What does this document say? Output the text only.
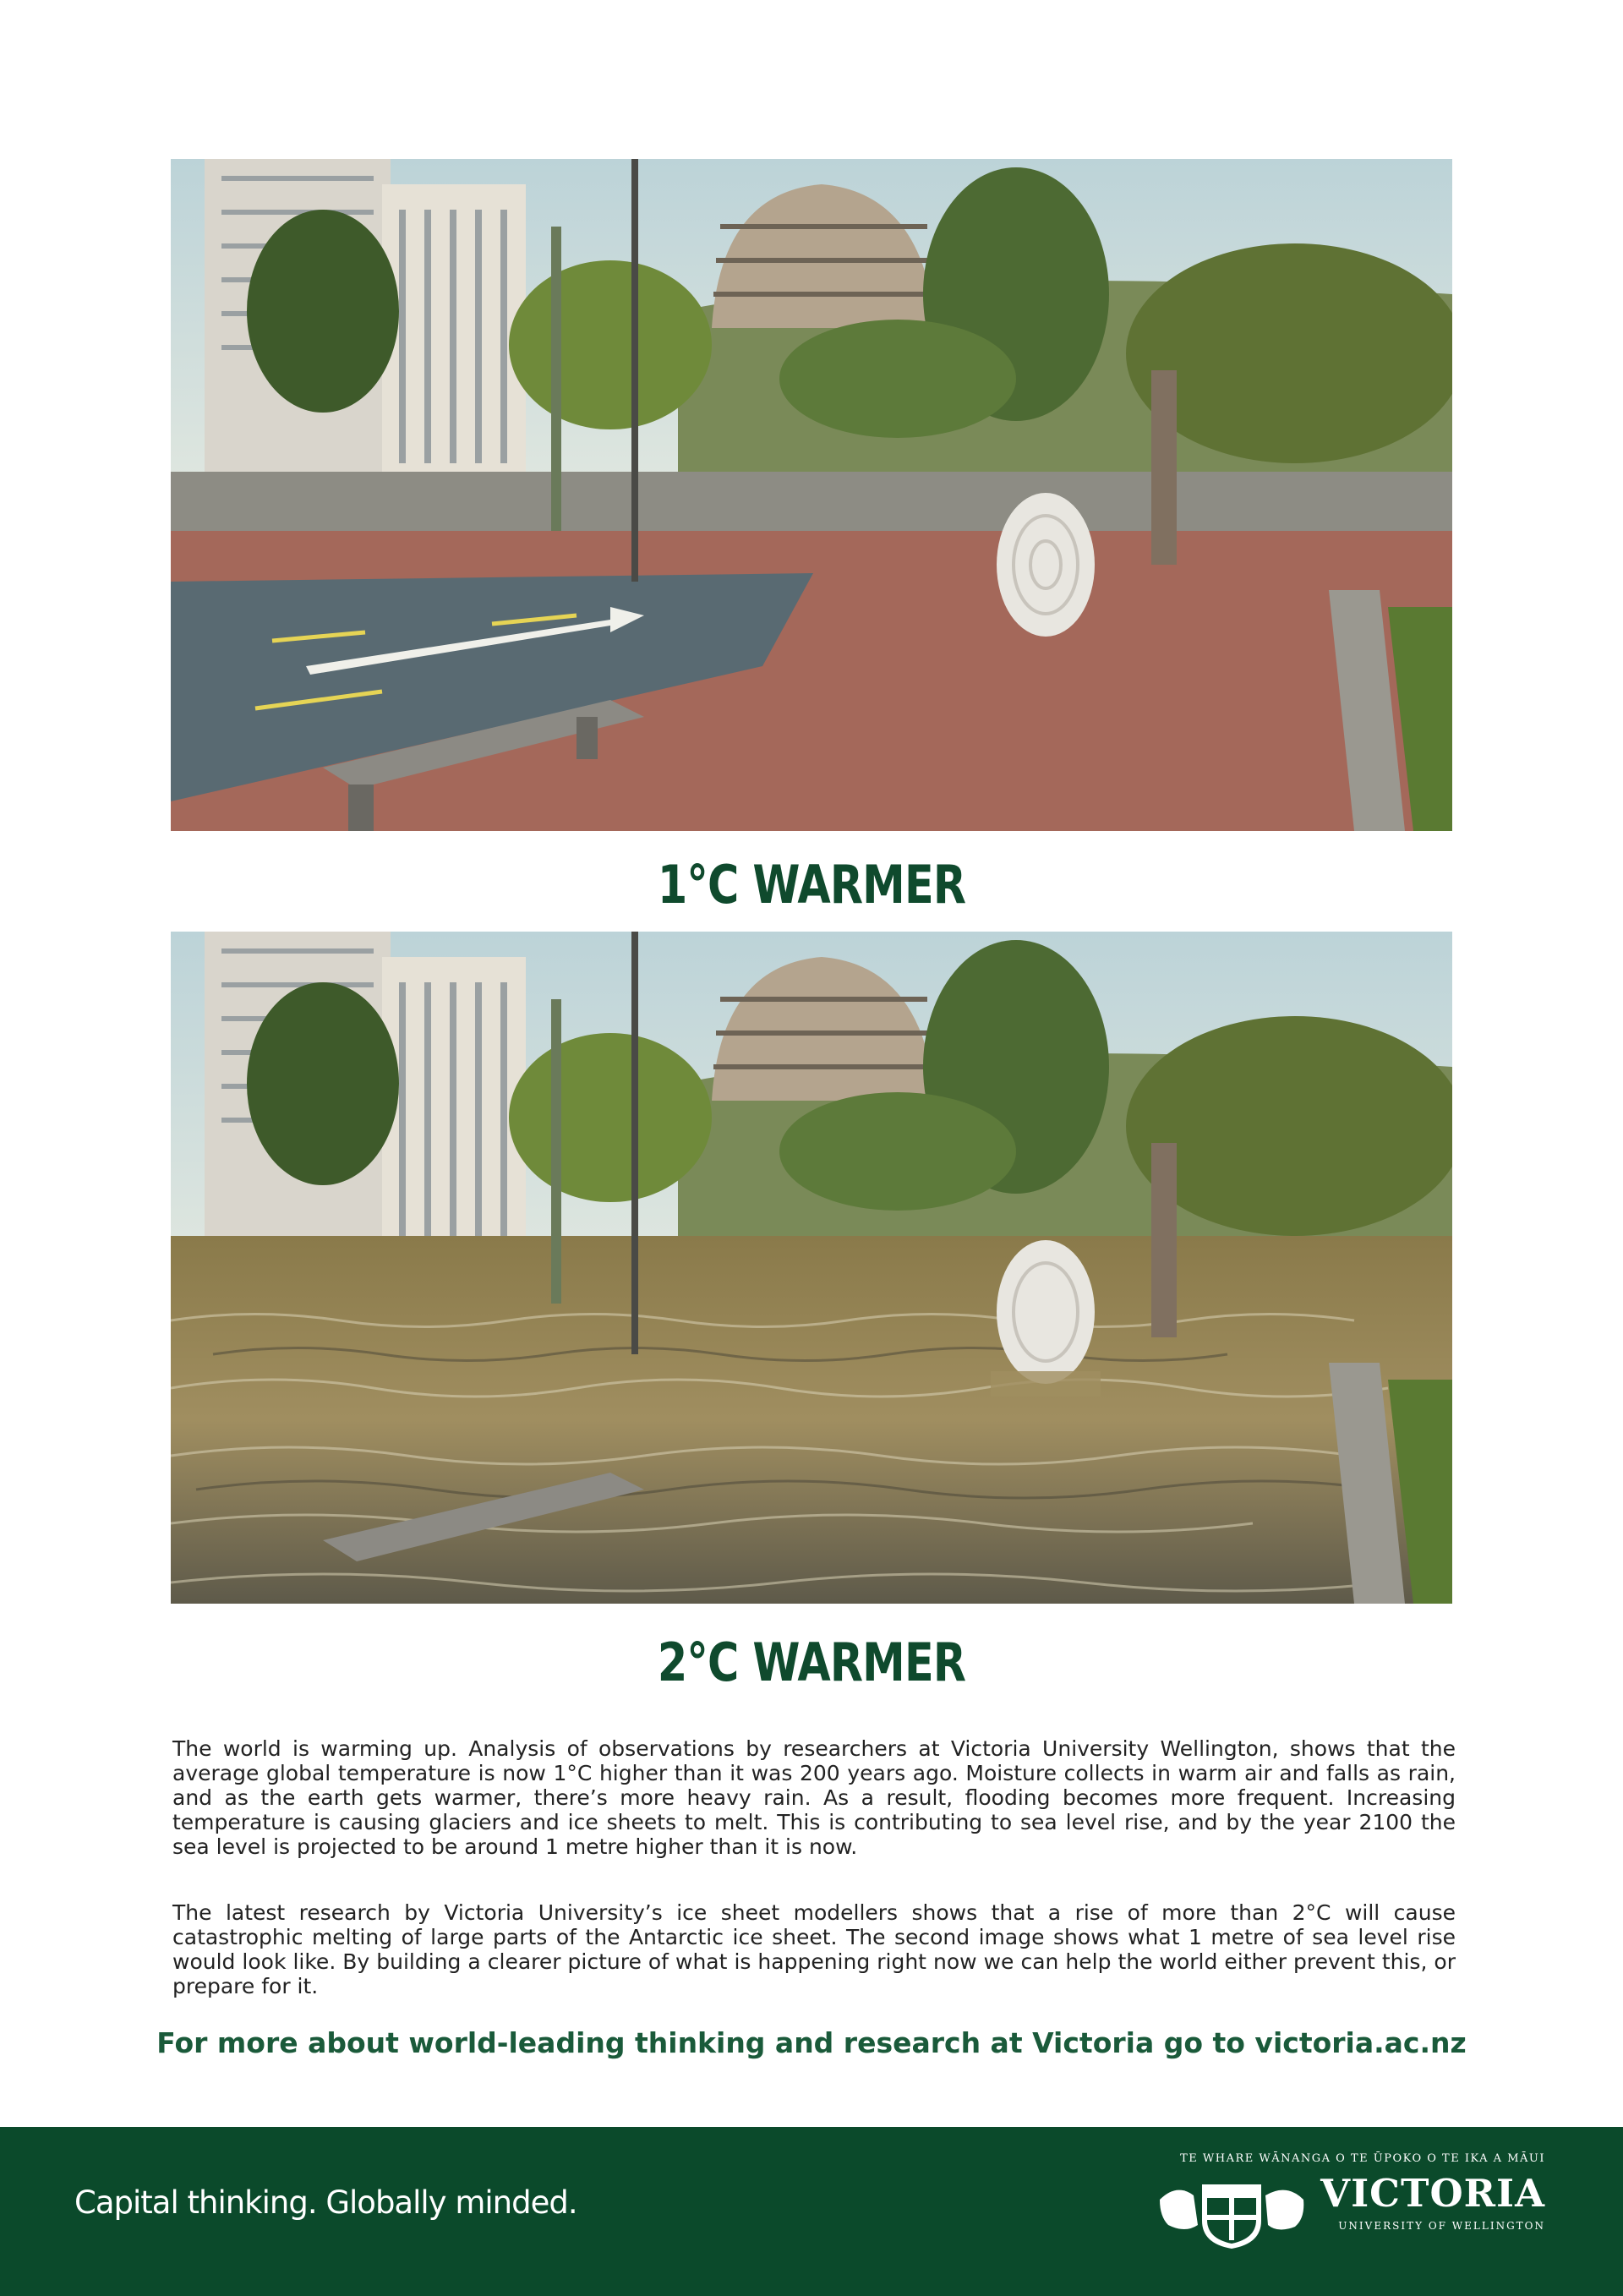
1°C WARMER
2°C WARMER

The world is warming up. Analysis of observations by researchers at Victoria University Wellington, shows that the average global temperature is now 1°C higher than it was 200 years ago. Moisture collects in warm air and falls as rain, and as the earth gets warmer, there’s more heavy rain. As a result, flooding becomes more frequent. Increasing temperature is causing glaciers and ice sheets to melt. This is contributing to sea level rise, and by the year 2100 the sea level is projected to be around 1 metre higher than it is now.

The latest research by Victoria University’s ice sheet modellers shows that a rise of more than 2°C will cause catastrophic melting of large parts of the Antarctic ice sheet. The second image shows what 1 metre of sea level rise would look like. By building a clearer picture of what is happening right now we can help the world either prevent this, or prepare for it.

For more about world-leading thinking and research at Victoria go to victoria.ac.nz
Capital thinking. Globally minded.
TE WHARE WĀNANGA O TE ŪPOKO O TE IKA A MĀUI
VICTORIA
UNIVERSITY OF WELLINGTON
